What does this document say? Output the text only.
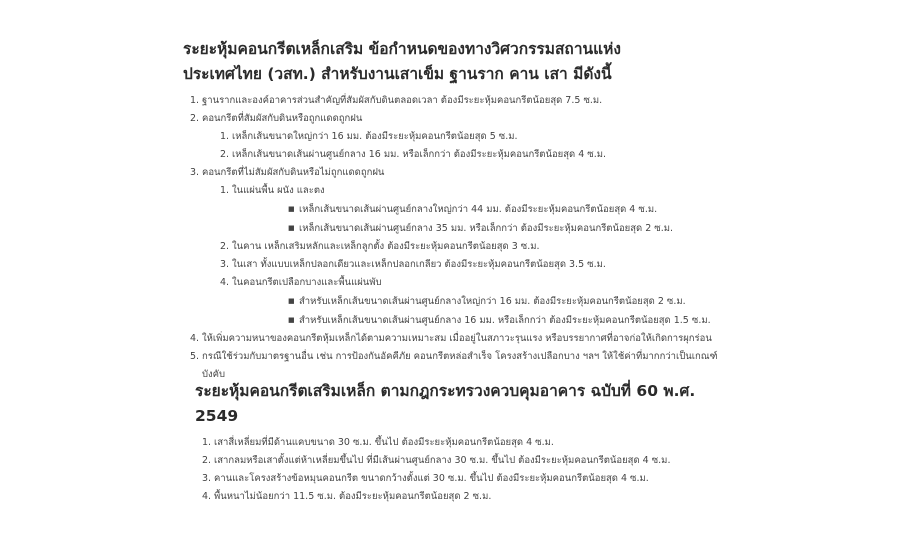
ระยะหุ้มคอนกรีตเหล็กเสริม ข้อกำหนดของทางวิศวกรรมสถานแห่ง
ประเทศไทย (วสท.) สำหรับงานเสาเข็ม ฐานราก คาน เสา มีดังนี้
1. ฐานรากและองค์อาคารส่วนสำคัญที่สัมผัสกับดินตลอดเวลา ต้องมีระยะหุ้มคอนกรีตน้อยสุด 7.5 ซ.ม.
2. คอนกรีตที่สัมผัสกับดินหรือถูกแดดถูกฝน
1. เหล็กเส้นขนาดใหญ่กว่า 16 มม. ต้องมีระยะหุ้มคอนกรีตน้อยสุด 5 ซ.ม.
2. เหล็กเส้นขนาดเส้นผ่านศูนย์กลาง 16 มม. หรือเล็กกว่า ต้องมีระยะหุ้มคอนกรีตน้อยสุด 4 ซ.ม.
3. คอนกรีตที่ไม่สัมผัสกับดินหรือไม่ถูกแดดถูกฝน
1. ในแผ่นพื้น ผนัง และตง
■ เหล็กเส้นขนาดเส้นผ่านศูนย์กลางใหญ่กว่า 44 มม. ต้องมีระยะหุ้มคอนกรีตน้อยสุด 4 ซ.ม.
■ เหล็กเส้นขนาดเส้นผ่านศูนย์กลาง 35 มม. หรือเล็กกว่า ต้องมีระยะหุ้มคอนกรีตน้อยสุด 2 ซ.ม.
2. ในคาน เหล็กเสริมหลักและเหล็กลูกตั้ง ต้องมีระยะหุ้มคอนกรีตน้อยสุด 3 ซ.ม.
3. ในเสา ทั้งแบบเหล็กปลอกเดียวและเหล็กปลอกเกลียว ต้องมีระยะหุ้มคอนกรีตน้อยสุด 3.5 ซ.ม.
4. ในคอนกรีตเปลือกบางและพื้นแผ่นพับ
■ สำหรับเหล็กเส้นขนาดเส้นผ่านศูนย์กลางใหญ่กว่า 16 มม. ต้องมีระยะหุ้มคอนกรีตน้อยสุด 2 ซ.ม.
■ สำหรับเหล็กเส้นขนาดเส้นผ่านศูนย์กลาง 16 มม. หรือเล็กกว่า ต้องมีระยะหุ้มคอนกรีตน้อยสุด 1.5 ซ.ม.
4. ให้เพิ่มความหนาของคอนกรีตหุ้มเหล็กได้ตามความเหมาะสม เมื่ออยู่ในสภาวะรุนแรง หรือบรรยากาศที่อาจก่อให้เกิดการผุกร่อน
5. กรณีใช้ร่วมกับมาตรฐานอื่น เช่น การป้องกันอัคคีภัย คอนกรีตหล่อสำเร็จ โครงสร้างเปลือกบาง ฯลฯ ให้ใช้ค่าที่มากกว่าเป็นเกณฑ์
บังคับ
ระยะหุ้มคอนกรีตเสริมเหล็ก ตามกฎกระทรวงควบคุมอาคาร ฉบับที่ 60 พ.ศ.
2549
1. เสาสี่เหลี่ยมที่มีด้านแคบขนาด 30 ซ.ม. ขึ้นไป ต้องมีระยะหุ้มคอนกรีตน้อยสุด 4 ซ.ม.
2. เสากลมหรือเสาตั้งแต่ห้าเหลี่ยมขึ้นไป ที่มีเส้นผ่านศูนย์กลาง 30 ซ.ม. ขึ้นไป ต้องมีระยะหุ้มคอนกรีตน้อยสุด 4 ซ.ม.
3. คานและโครงสร้างข้อหมุนคอนกรีต ขนาดกว้างตั้งแต่ 30 ซ.ม. ขึ้นไป ต้องมีระยะหุ้มคอนกรีตน้อยสุด 4 ซ.ม.
4. พื้นหนาไม่น้อยกว่า 11.5 ซ.ม. ต้องมีระยะหุ้มคอนกรีตน้อยสุด 2 ซ.ม.
